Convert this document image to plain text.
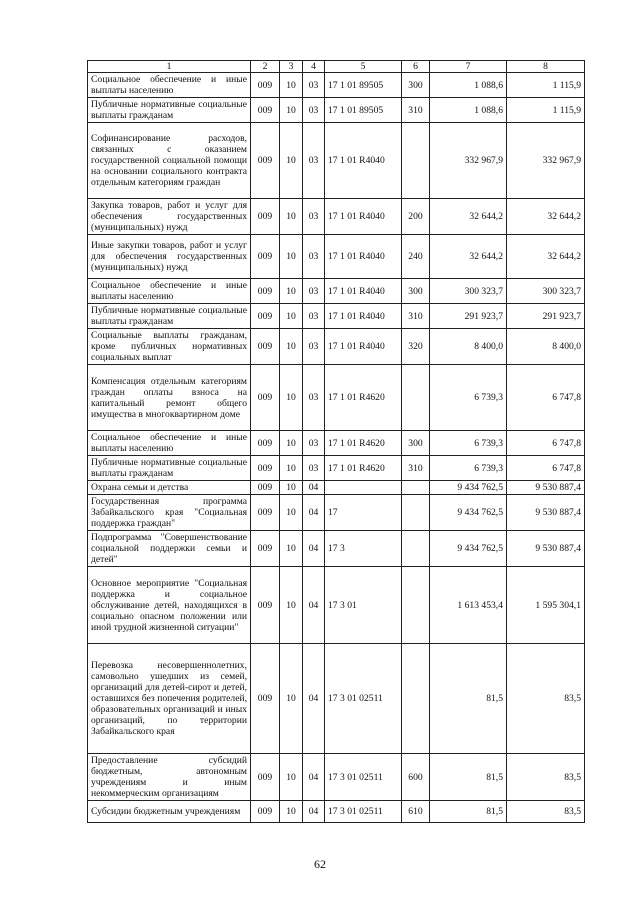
1	2	3	4	5	6	7	8
Социальное обеспечение и иные выплаты населению	009	10	03	17 1 01 89505	300	1 088,6	1 115,9
Публичные нормативные социальные выплаты гражданам	009	10	03	17 1 01 89505	310	1 088,6	1 115,9
Софинансирование расходов, связанных с оказанием государственной социальной помощи на основании социального контракта отдельным категориям граждан	009	10	03	17 1 01 R4040		332 967,9	332 967,9
Закупка товаров, работ и услуг для обеспечения государственных (муниципальных) нужд	009	10	03	17 1 01 R4040	200	32 644,2	32 644,2
Иные закупки товаров, работ и услуг для обеспечения государственных (муниципальных) нужд	009	10	03	17 1 01 R4040	240	32 644,2	32 644,2
Социальное обеспечение и иные выплаты населению	009	10	03	17 1 01 R4040	300	300 323,7	300 323,7
Публичные нормативные социальные выплаты гражданам	009	10	03	17 1 01 R4040	310	291 923,7	291 923,7
Социальные выплаты гражданам, кроме публичных нормативных социальных выплат	009	10	03	17 1 01 R4040	320	8 400,0	8 400,0
Компенсация отдельным категориям граждан оплаты взноса на капитальный ремонт общего имущества в многоквартирном доме	009	10	03	17 1 01 R4620		6 739,3	6 747,8
Социальное обеспечение и иные выплаты населению	009	10	03	17 1 01 R4620	300	6 739,3	6 747,8
Публичные нормативные социальные выплаты гражданам	009	10	03	17 1 01 R4620	310	6 739,3	6 747,8
Охрана семьи и детства	009	10	04			9 434 762,5	9 530 887,4
Государственная программа Забайкальского края "Социальная поддержка граждан"	009	10	04	17		9 434 762,5	9 530 887,4
Подпрограмма "Совершенствование социальной поддержки семьи и детей"	009	10	04	17 3		9 434 762,5	9 530 887,4
Основное мероприятие "Социальная поддержка и социальное обслуживание детей, находящихся в социально опасном положении или иной трудной жизненной ситуации"	009	10	04	17 3 01		1 613 453,4	1 595 304,1
Перевозка несовершеннолетних, самовольно ушедших из семей, организаций для детей-сирот и детей, оставшихся без попечения родителей, образовательных организаций и иных организаций, по территории Забайкальского края	009	10	04	17 3 01 02511		81,5	83,5
Предоставление субсидий бюджетным, автономным учреждениям и иным некоммерческим организациям	009	10	04	17 3 01 02511	600	81,5	83,5
Субсидии бюджетным учреждениям	009	10	04	17 3 01 02511	610	81,5	83,5
62
